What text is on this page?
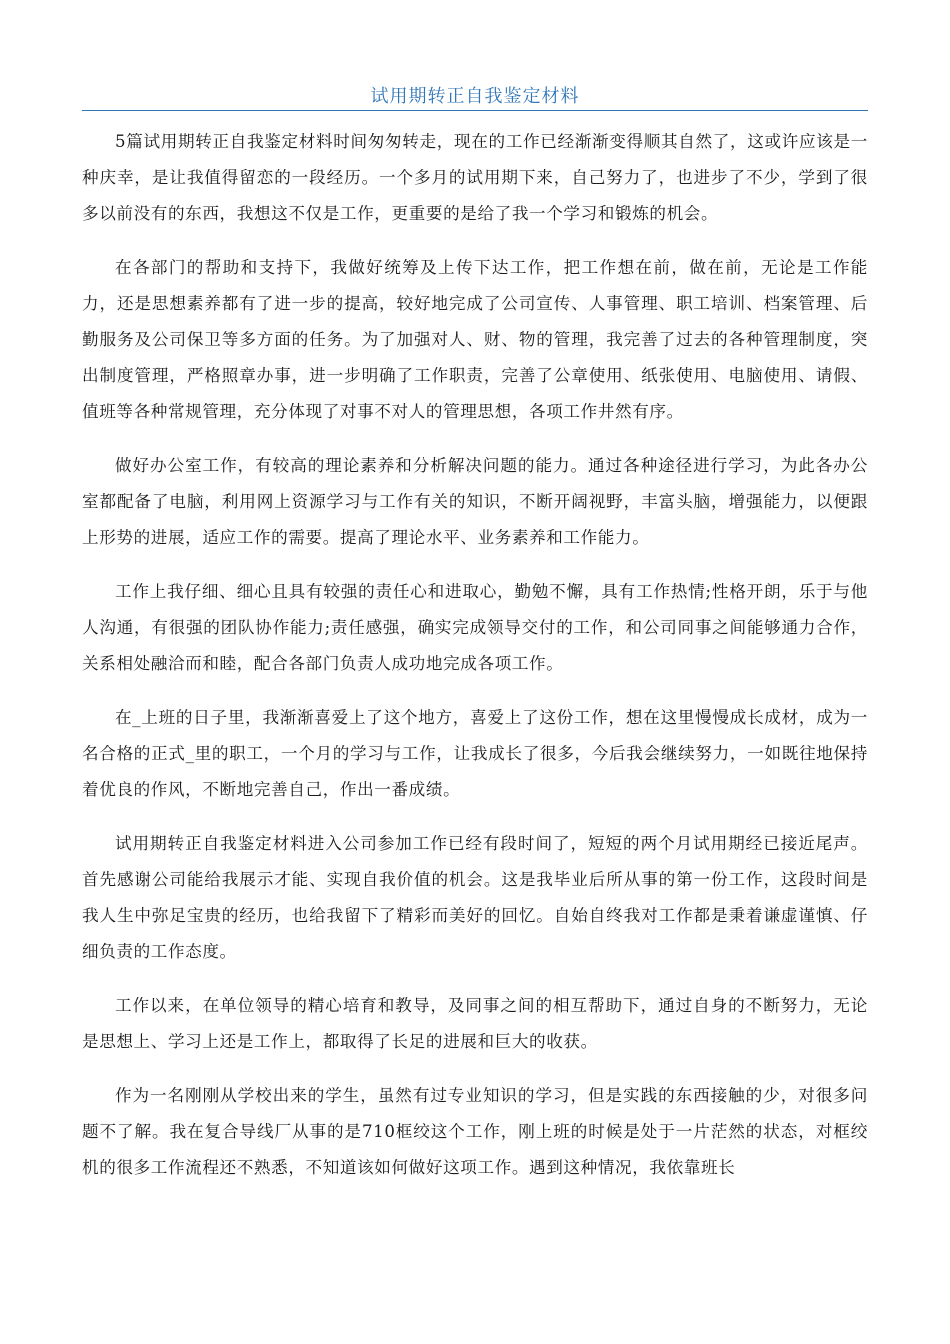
试用期转正自我鉴定材料

5篇试用期转正自我鉴定材料时间匆匆转走，现在的工作已经渐渐变得顺其自然了，这或许应该是一种庆幸，是让我值得留恋的一段经历。一个多月的试用期下来，自己努力了，也进步了不少，学到了很多以前没有的东西，我想这不仅是工作，更重要的是给了我一个学习和锻炼的机会。

在各部门的帮助和支持下，我做好统筹及上传下达工作，把工作想在前，做在前，无论是工作能力，还是思想素养都有了进一步的提高，较好地完成了公司宣传、人事管理、职工培训、档案管理、后勤服务及公司保卫等多方面的任务。为了加强对人、财、物的管理，我完善了过去的各种管理制度，突出制度管理，严格照章办事，进一步明确了工作职责，完善了公章使用、纸张使用、电脑使用、请假、值班等各种常规管理，充分体现了对事不对人的管理思想，各项工作井然有序。

做好办公室工作，有较高的理论素养和分析解决问题的能力。通过各种途径进行学习，为此各办公室都配备了电脑，利用网上资源学习与工作有关的知识，不断开阔视野，丰富头脑，增强能力，以便跟上形势的进展，适应工作的需要。提高了理论水平、业务素养和工作能力。

工作上我仔细、细心且具有较强的责任心和进取心，勤勉不懈，具有工作热情;性格开朗，乐于与他人沟通，有很强的团队协作能力;责任感强，确实完成领导交付的工作，和公司同事之间能够通力合作，关系相处融洽而和睦，配合各部门负责人成功地完成各项工作。

在_上班的日子里，我渐渐喜爱上了这个地方，喜爱上了这份工作，想在这里慢慢成长成材，成为一名合格的正式_里的职工，一个月的学习与工作，让我成长了很多，今后我会继续努力，一如既往地保持着优良的作风，不断地完善自己，作出一番成绩。

试用期转正自我鉴定材料进入公司参加工作已经有段时间了，短短的两个月试用期经已接近尾声。首先感谢公司能给我展示才能、实现自我价值的机会。这是我毕业后所从事的第一份工作，这段时间是我人生中弥足宝贵的经历，也给我留下了精彩而美好的回忆。自始自终我对工作都是秉着谦虚谨慎、仔细负责的工作态度。

工作以来，在单位领导的精心培育和教导，及同事之间的相互帮助下，通过自身的不断努力，无论是思想上、学习上还是工作上，都取得了长足的进展和巨大的收获。

作为一名刚刚从学校出来的学生，虽然有过专业知识的学习，但是实践的东西接触的少，对很多问题不了解。我在复合导线厂从事的是710框绞这个工作，刚上班的时候是处于一片茫然的状态，对框绞机的很多工作流程还不熟悉，不知道该如何做好这项工作。遇到这种情况，我依靠班长
